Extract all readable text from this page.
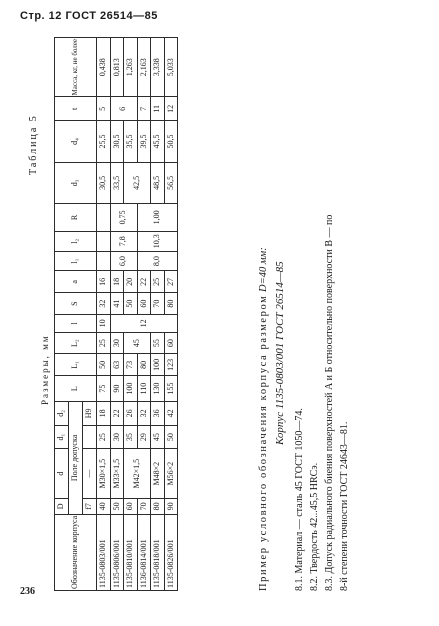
Стр. 12 ГОСТ 26514—85
Таблица 5
Размеры, мм
Обозначение корпуса	D	d	d₁	d₂	L	L₁	L₂	l	S	a	l₁	l₂	R	d₃	d₄	t	Масса, кг, не более
	Поле допуска																
	f7	—		H9													
1135-0803/001	40	M30×1,5	25	18	75	50	25	10	32	16				30,5	25,5	5	0,438
1135-0806/001	50	M33×1,5	30	22	90	63	30	12	41	18	6,0	7,8	0,75	33,5	30,5	6	0,813
1135-0810/001	60	M42×1,5	35	26	100	73	45		50	20				42,5	35,5		1,263
1136-0814/001	70		29	32	110	80			60	22	8,0	10,3	1,00		39,5	7	2,163
1135-0818/001	80	M48×2	45	36	130	100	55		70	25				48,5	45,5	11	3,338
1135-0826/001	90	M56×2	50	42	155	123	60		80	27				56,5	50,5	12	5,033
Пример условного обозначения корпуса размером D=40 мм: Корпус 1135-0803/001 ГОСТ 26514—85
8.1. Материал — сталь 45 ГОСТ 1050—74. 8.2. Твердость 42...45,5 HRCэ. 8.3. Допуск радиального биения поверхностей А и Б относительно поверхности В — по 8-й степени точности ГОСТ 24643—81.
236
